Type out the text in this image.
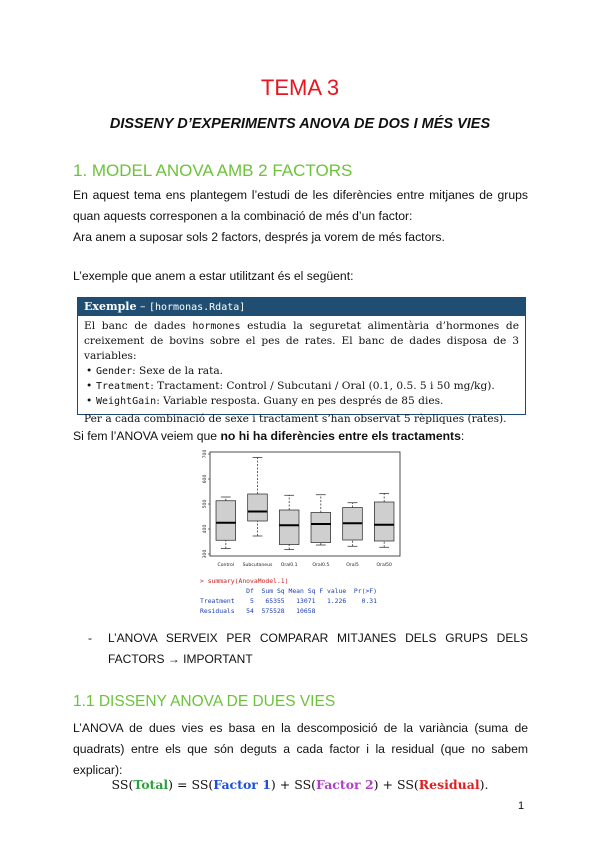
TEMA 3
DISSENY D’EXPERIMENTS ANOVA DE DOS I MÉS VIES
1. MODEL ANOVA AMB 2 FACTORS
En aquest tema ens plantegem l’estudi de les diferències entre mitjanes de grups quan aquests corresponen a la combinació de més d’un factor:
Ara anem a suposar sols 2 factors, després ja vorem de més factors.
L’exemple que anem a estar utilitzant és el següent:
Exemple – [hormonas.Rdata]
El banc de dades hormones estudia la seguretat alimentària d’hormones de creixement de bovins sobre el pes de rates. El banc de dades disposa de 3 variables:
• Gender: Sexe de la rata.
• Treatment: Tractament: Control / Subcutani / Oral (0.1, 0.5. 5 i 50 mg/kg).
• WeightGain: Variable resposta. Guany en pes després de 85 dies.
Per a cada combinació de sexe i tractament s’han observat 5 rèpliques (rates).
Si fem l’ANOVA veiem que no hi ha diferències entre els tractaments:
700
600
500
400
300
Control Subcutaneus Oral0.1	Oral0.5	Oral5	Oral50
> summary(AnovaModel.1)
Df  Sum Sq Mean Sq F value  Pr(>F)
Treatment    5   65355   13071   1.226    0.31
Residuals   54  575528   10658
- L’ANOVA SERVEIX PER COMPARAR MITJANES DELS GRUPS DELS FACTORS → IMPORTANT
1.1 DISSENY ANOVA DE DUES VIES
L’ANOVA de dues vies es basa en la descomposició de la variància (suma de quadrats) entre els que són deguts a cada factor i la residual (que no sabem explicar):
SS(Total) = SS(Factor 1) + SS(Factor 2) + SS(Residual).
1
